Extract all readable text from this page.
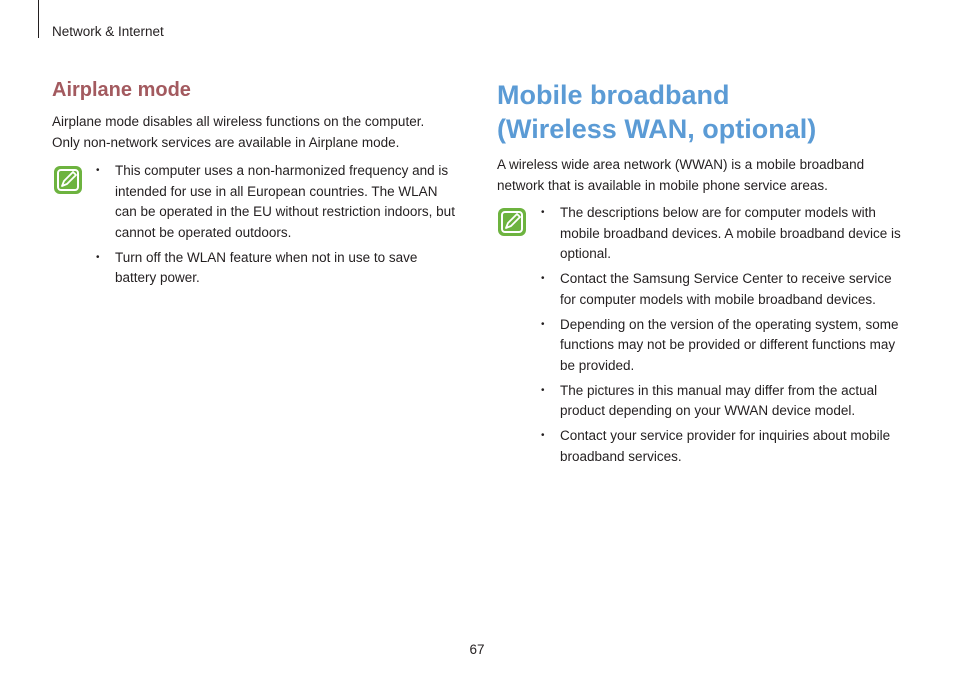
Network & Internet
Airplane mode

Airplane mode disables all wireless functions on the computer. Only non-network services are available in Airplane mode.

• This computer uses a non-harmonized frequency and is intended for use in all European countries. The WLAN can be operated in the EU without restriction indoors, but cannot be operated outdoors.
• Turn off the WLAN feature when not in use to save battery power.
Mobile broadband
(Wireless WAN, optional)

A wireless wide area network (WWAN) is a mobile broadband network that is available in mobile phone service areas.

• The descriptions below are for computer models with mobile broadband devices. A mobile broadband device is optional.
• Contact the Samsung Service Center to receive service for computer models with mobile broadband devices.
• Depending on the version of the operating system, some functions may not be provided or different functions may be provided.
• The pictures in this manual may differ from the actual product depending on your WWAN device model.
• Contact your service provider for inquiries about mobile broadband services.
67
